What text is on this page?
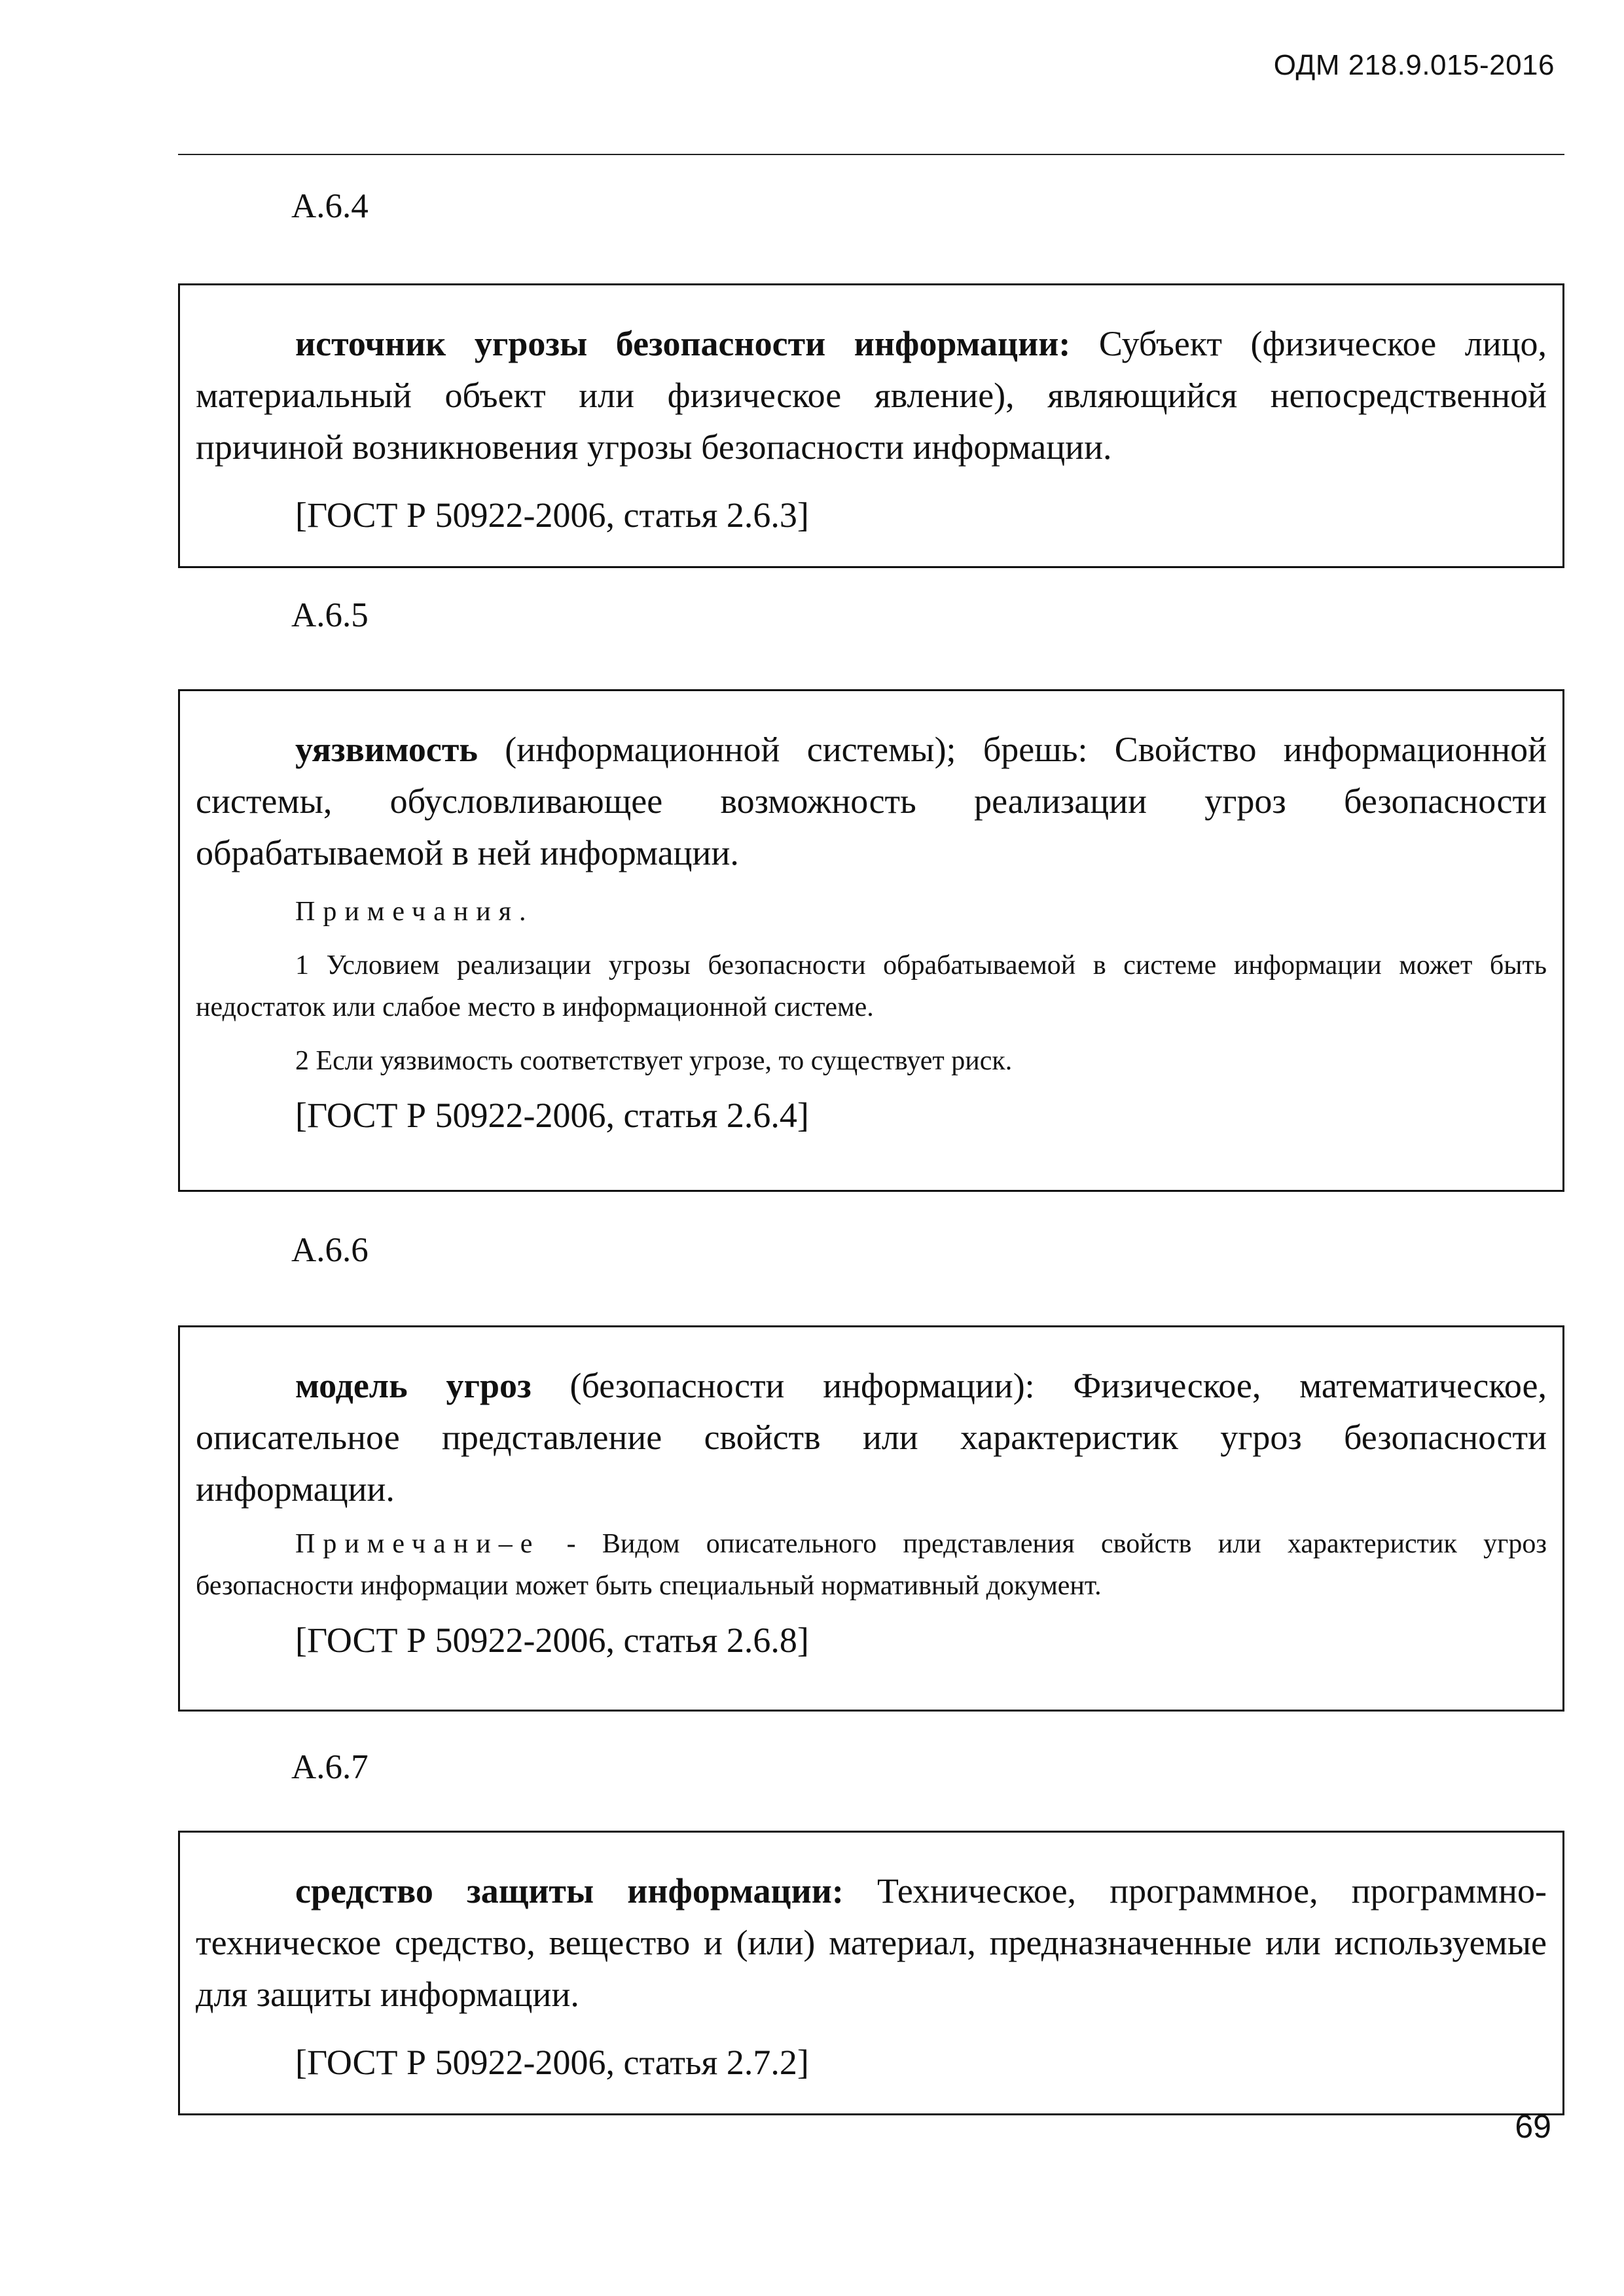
ОДМ 218.9.015-2016
А.6.4

источник угрозы безопасности информации: Субъект (физическое лицо, материальный объект или физическое явление), являющийся непосредственной причиной возникновения угрозы безопасности информации.

[ГОСТ Р 50922-2006, статья 2.6.3]

А.6.5

уязвимость (информационной системы); брешь: Свойство информационной системы, обусловливающее возможность реализации угроз безопасности обрабатываемой в ней информации.

Примечания.

1 Условием реализации угрозы безопасности обрабатываемой в системе информации может быть недостаток или слабое место в информационной системе.

2 Если уязвимость соответствует угрозе, то существует риск.

[ГОСТ Р 50922-2006, статья 2.6.4]

А.6.6

модель угроз (безопасности информации): Физическое, математическое, описательное представление свойств или характеристик угроз безопасности информации.

Примечани–е - Видом описательного представления свойств или характеристик угроз безопасности информации может быть специальный нормативный документ.

[ГОСТ Р 50922-2006, статья 2.6.8]

А.6.7

средство защиты информации: Техническое, программное, программно-техническое средство, вещество и (или) материал, предназначенные или используемые для защиты информации.

[ГОСТ Р 50922-2006, статья 2.7.2]

69
